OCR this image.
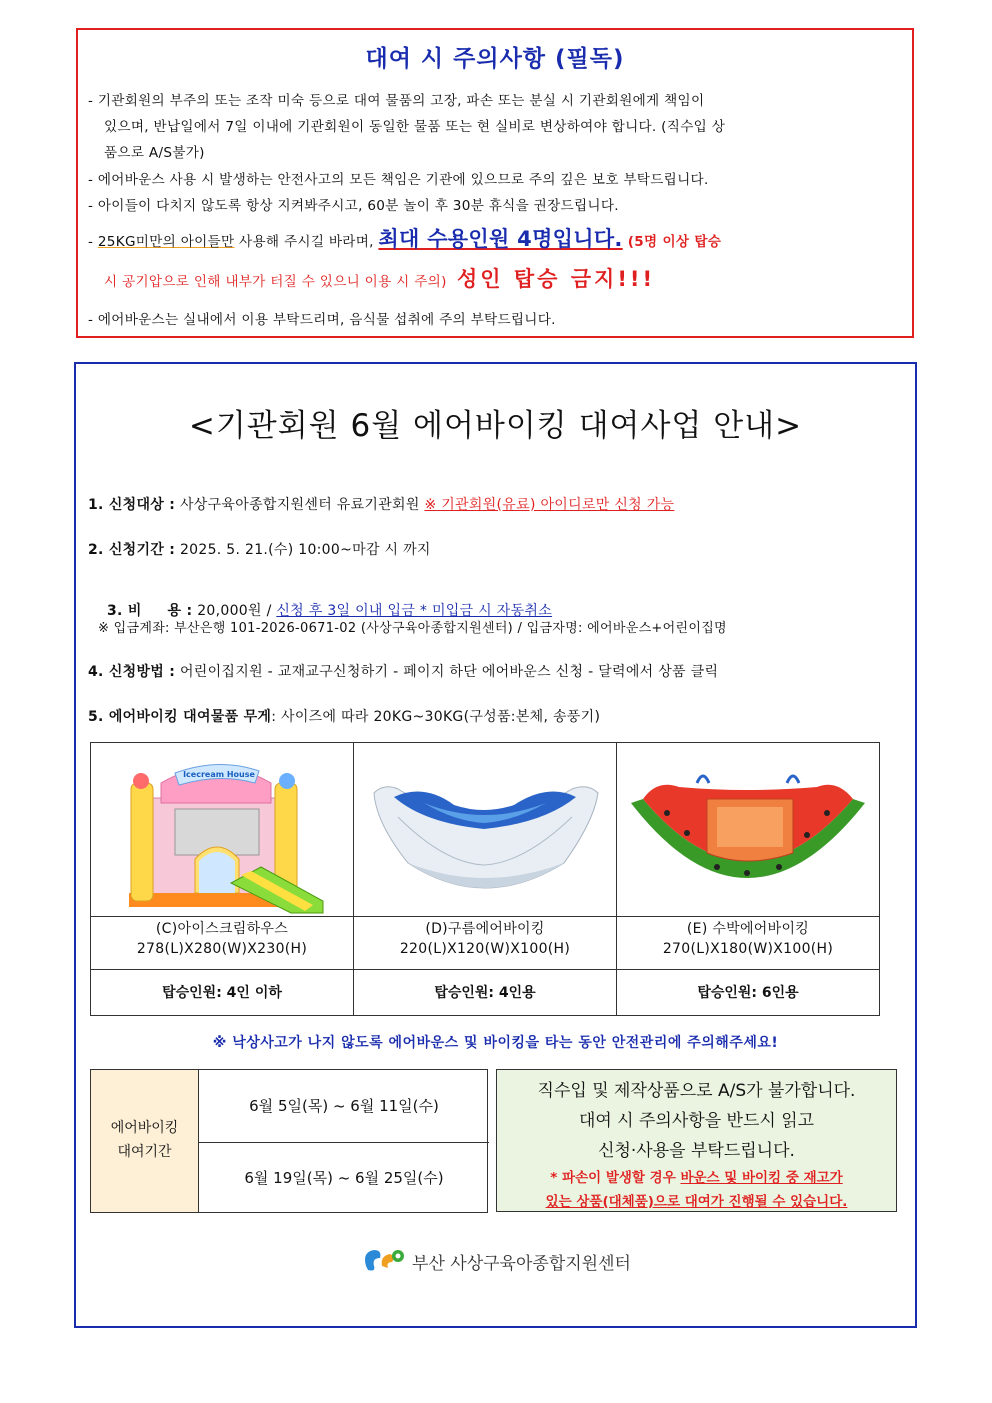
대여 시 주의사항 (필독)
- 기관회원의 부주의 또는 조작 미숙 등으로 대여 물품의 고장, 파손 또는 분실 시 기관회원에게 책임이
있으며, 반납일에서 7일 이내에 기관회원이 동일한 물품 또는 현 실비로 변상하여야 합니다. (직수입 상
품으로 A/S불가)
- 에어바운스 사용 시 발생하는 안전사고의 모든 책임은 기관에 있으므로 주의 깊은 보호 부탁드립니다.
- 아이들이 다치지 않도록 항상 지켜봐주시고, 60분 놀이 후 30분 휴식을 권장드립니다.
- 25KG미만의 아이들만 사용해 주시길 바라며, 최대 수용인원 4명입니다. (5명 이상 탑승
시 공기압으로 인해 내부가 터질 수 있으니 이용 시 주의) 성인 탑승 금지!!!
- 에어바운스는 실내에서 이용 부탁드리며, 음식물 섭취에 주의 부탁드립니다.
<기관회원 6월 에어바이킹 대여사업 안내>
1. 신청대상 : 사상구육아종합지원센터 유료기관회원 ※ 기관회원(유료) 아이디로만 신청 가능
2. 신청기간 : 2025. 5. 21.(수) 10:00~마감 시 까지

3. 비     용 : 20,000원 / 신청 후 3일 이내 입금 * 미입금 시 자동취소

※ 입금계좌: 부산은행 101-2026-0671-02 (사상구육아종합지원센터) / 입금자명: 에어바운스+어린이집명
4. 신청방법 : 어린이집지원 - 교재교구신청하기 - 페이지 하단 에어바운스 신청 - 달력에서 상품 클릭
5. 에어바이킹 대여물품 무게: 사이즈에 따라 20KG~30KG(구성품:본체, 송풍기)
Icecream House
(C)아이스크림하우스
278(L)X280(W)X230(H)
탑승인원: 4인 이하
(D)구름에어바이킹
220(L)X120(W)X100(H)
탑승인원: 4인용
(E) 수박에어바이킹
270(L)X180(W)X100(H)
탑승인원: 6인용
※ 낙상사고가 나지 않도록 에어바운스 및 바이킹을 타는 동안 안전관리에 주의해주세요!
에어바이킹
대여기간
6월 5일(목) ~ 6월 11일(수)
6월 19일(목) ~ 6월 25일(수)
직수입 및 제작상품으로 A/S가 불가합니다.
대여 시 주의사항을 반드시 읽고
신청·사용을 부탁드립니다.
* 파손이 발생할 경우 바운스 및 바이킹 중 재고가
있는 상품(대체품)으로 대여가 진행될 수 있습니다.
부산 사상구육아종합지원센터
